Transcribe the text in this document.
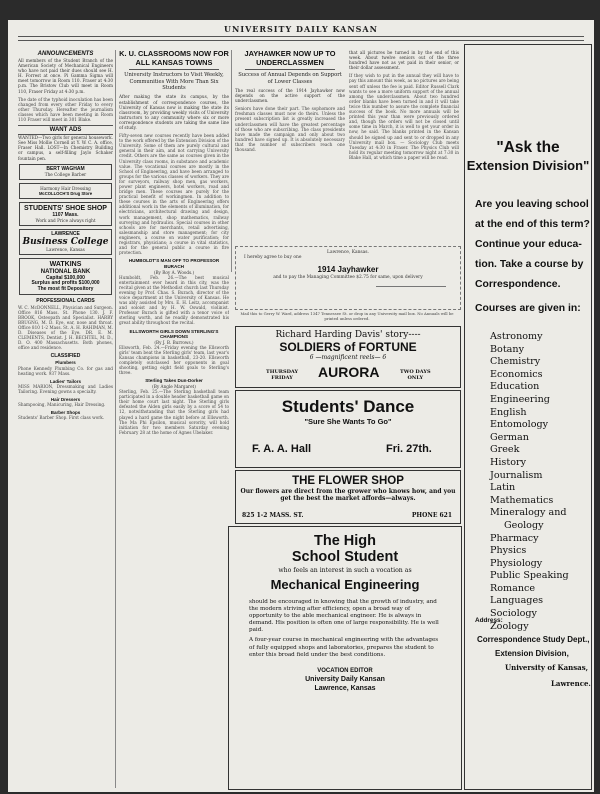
UNIVERSITY DAILY KANSAN
ANNOUNCEMENTS

All members of the Student Branch of the American Society of Mechanical Engineers who have not paid their dues should see H. H. Forrest at once. Pi Gamma Sigma will meet tomorrow in Room 110. Fraser at 4:30 p.m. The Bristow Club will meet in Room 110, Fraser Friday at 4:30 p.m.

The date of the typhoid inoculation has been changed from every other Friday to every other Thursday. Hereafter the journalism classes which have been meeting in Room 110 Fraser will meet in 301 Blake.

WANT ADS

WANTED—Two girls for general housework. See Miss Mollie Cornell at Y. W. C. A. office, Fraser Hall. LOST—In Chemistry Building or campus, a self-filling Jaylo Schaker fountain pen.

BERT WAGHAM
The College Barber
Harmony Hair Dressing
McCOLLOCH'S Drug Store
STUDENTS' SHOE SHOP
1107 Mass.
Work and Price always right
LAWRENCE
Business College
Lawrence, Kansas
WATKINS
NATIONAL BANK
Capital $100,000
Surplus and profits $100,000
The most fit Depository
PROFESSIONAL CARDS

W. C. McDONNELL, Physician and Surgeon. Office 816 Mass. St. Phone 130. J. F. BROOK, Osteopath and Specialist. HARRY BRUGNG, M. D. Eye, ear, nose and throat. Office 810 1-2 Mass. St. A. H. RAHIMAN, M. D. Diseases of the Eye. DR. E. M. CLEMENTS, Dentist. J. H. BECHTEL, M. D., D. O. 400 Massachusetts. Both phones, office and residence.

CLASSIFIED
Plumbers

Phone Kennedy Plumbing Co. for gas and heating work. 937 Mass.

Ladies' Tailors

MISS MARION, Dressmaking and Ladies Tailoring. Evening gowns a specialty.

Hair Dressers

Shampooing, Manicuring, Hair Dressing.

Barber Shops

Students' Barber Shop. First class work.

K. U. CLASSROOMS NOW FOR ALL KANSAS TOWNS
University Instructors to Visit Weekly, Communities With More Than Six Students

After making the state its campus, by the establishment of correspondence courses, the University of Kansas now is making the state its classroom, by providing weekly visits of University instructors to any community where six or more correspondence students are taking the same line of study.

Fifty-seven new courses recently have been added to the work offered by the Extension Division of the University. Some of them are purely cultural and general in their aim, and not carrying University credit. Others are the same as courses given in the University class rooms, in substance and academic value. The vocational courses are mostly in the School of Engineering, and have been arranged to groups for the various classes of workers. They are for surveyors, railway shop men, gas workers, power plant engineers, hotel workers, road and bridge men. These courses are purely for the practical benefit of workingmen. In addition to these courses in the arts of Engineering offers additional work in the elements of illumination, for electricians, architectural drawing and design, work management, shop mathematics, railway surveying and hydraulics. Special courses in other schools are for merchants, retail advertising, salesmanship and store management; for city engineers, a course on water purification; for registrars, physicians; a course in vital statistics, and for the general public a course in fire protection.

HUMBOLDT'S MAN OFF TO PROFESSOR BURACH
(By Roy A. Woods.)

Humboldt, Feb. 26.—The best musical entertainment ever heard in this city, was the recital given at the Methodist church last Thursday evening by Prof. Chas. S. Burach, director of the voice department at the University of Kansas. He was ably assisted by Mrs. E. H. Leitz, accompanist and soloist and by H. W. Oswald, violinist. Professor Burach is gifted with a tenor voice of sterling worth, and he readily demonstrated his great ability throughout the recital.

ELLSWORTH GIRLS DOWN STERLING'S CHAMPIONS
(By J. B. Burrows.)

Ellsworth, Feb. 24.—Friday evening the Ellsworth girls' team beat the Sterling girls' team, last year's Kansas champions in basketball, 23-20. Ellsworth completely outclassed her opponents in goal shooting, getting eight field goals to Sterling's three.

Sterling Takes Dun-Dorker
(By Angle Margaret)

Sterling, Feb. 25.—The Sterling basketball team participated in a double header basketball game on their home court last night. The Sterling girls defeated the Alden girls easily by a score of 54 to 12, notwithstanding that the Sterling girls had played a hard game the night before at Ellsworth. The Ma Phi Epsilon, musical sorority, will hold initiation for two members Saturday evening February 28 at the home of Agnes Ubelaker.

JAYHAWKER NOW UP TO UNDERCLASSMEN
Success of Annual Depends on Support of Lower Classes

The real success of the 1914 Jayhawker now depends on the active support of the underclassmen.

Seniors have done their part. The sophomore and freshman classes must now do theirs. Unless the present subscription list is greatly increased the underclassmen will have the greatest percentage of those who are subscribing. The class presidents have made the campaign and only about two hundred have signed up. It is absolutely necessary that the number of subscribers reach one thousand.

that all pictures be turned in by the end of this week. About twelve seniors out of the three hundred have not as yet paid in their senior, or their dollar assessment.

If they wish to put in the annual they will have to pay this amount this week, as no pictures are being sent off unless the fee is paid. Editor Russell Clark wants to see a more uniform support of the annual among the underclassmen. About two hundred order blanks have been turned in and it will take twice this number to assure the complete financial success of the book. No more annuals will be printed this year than were previously ordered and, though the orders will not be closed until some time in March, it is well to get your order in now, he said. The blanks printed in the Kansan should be signed up and sent to or dropped in any University mail box. — Sociology Club meets Tuesday at 4:30 in Fraser. The Physics Club will hold its regular meeting tomorrow night at 7:30 in Blake Hall, at which time a paper will be read.

Lawrence, Kansas.
I hereby agree to buy one
1914 Jayhawker
and to pay the Managing Committee $2.75 for same, upon delivery
Mail this to Gerry W. Ward, address 1347 Tennessee St. or drop in any University mail box. No Annuals will be printed unless ordered.
Richard Harding Davis' story----
SOLDIERS of FORTUNE
6 —magnificent reels— 6
THURSDAY
FRIDAY	AURORA	TWO DAYS
ONLY
Students' Dance
"Sure She Wants To Go"
F. A. A. Hall	Fri. 27th.
THE FLOWER SHOP
Our flowers are direct from the grower who knows how, and you get the best the market affords—always.
825 1-2 MASS. ST.	PHONE 621
The High
School Student
who feels an interest in such a vocation as
Mechanical Engineering
should be encouraged in knowing that the growth of industry, and the modern striving after efficiency, open a broad way of opportunity to the able mechanical engineer. He is always in demand. His position is often one of large responsibility. He is well paid.
A four-year course in mechanical engineering with the advantages of fully equipped shops and laboratories, prepares the student to enter this broad field under the best conditions.
VOCATION EDITOR
University Daily Kansan
Lawrence, Kansas
"Ask the
Extension Division"
Are you leaving school
at the end of this term?
Continue your educa-
tion. Take a course by
Correspondence.
Courses are given in:
Astronomy
Botany
Chemistry
Economics
Education
Engineering
English
Entomology
German
Greek
History
Journalism
Latin
Mathematics
Mineralogy and
Geology
Pharmacy
Physics
Physiology
Public Speaking
Romance Languages
Sociology
Zoology
Address:
Correspondence Study Dept.,
Extension Division,
University of Kansas,
Lawrence.
